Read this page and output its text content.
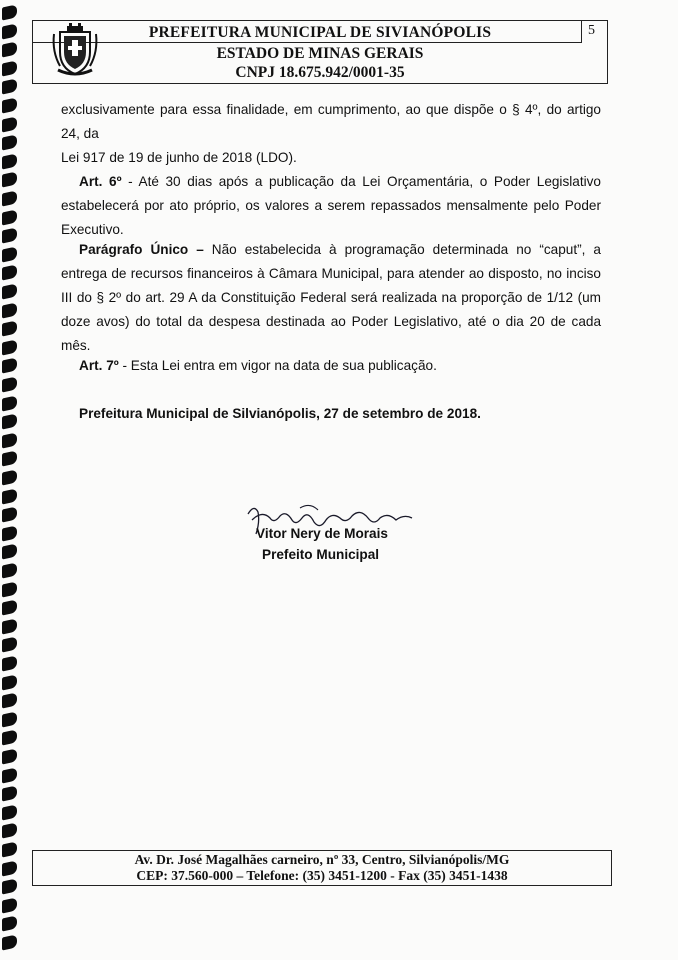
PREFEITURA MUNICIPAL DE SIVIANÓPOLIS
ESTADO DE MINAS GERAIS
CNPJ 18.675.942/0001-35
5
exclusivamente para essa finalidade, em cumprimento, ao que dispõe o § 4º, do artigo 24, da
Lei 917 de 19 de junho de 2018 (LDO).
Art. 6º - Até 30 dias após a publicação da Lei Orçamentária, o Poder Legislativo estabelecerá por ato próprio, os valores a serem repassados mensalmente pelo Poder Executivo.
Parágrafo Único – Não estabelecida à programação determinada no “caput”, a entrega de recursos financeiros à Câmara Municipal, para atender ao disposto, no inciso III do § 2º do art. 29 A da Constituição Federal será realizada na proporção de 1/12 (um doze avos) do total da despesa destinada ao Poder Legislativo, até o dia 20 de cada mês.
Art. 7º - Esta Lei entra em vigor na data de sua publicação.
Prefeitura Municipal de Silvianópolis, 27 de setembro de 2018.
Vitor Nery de Morais
Prefeito Municipal
Av. Dr. José Magalhães carneiro, nº 33, Centro, Silvianópolis/MG
CEP: 37.560-000 – Telefone: (35) 3451-1200 - Fax (35) 3451-1438
